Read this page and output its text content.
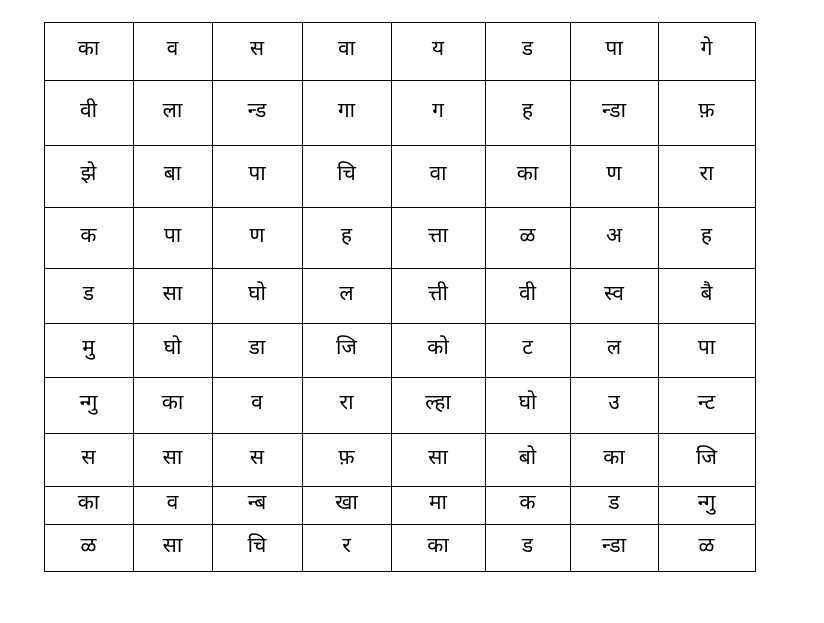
का	व	स	वा	य	ड	पा	गे
वी	ला	न्ड	गा	ग	ह	न्डा	फ़
झे	बा	पा	चि	वा	का	ण	रा
क	पा	ण	ह	त्ता	ळ	अ	ह
ड	सा	घो	ल	त्ती	वी	स्व	बै
मु	घो	डा	जि	को	ट	ल	पा
न्गु	का	व	रा	ल्हा	घो	उ	न्ट
स	सा	स	फ़	सा	बो	का	जि
का	व	न्ब	खा	मा	क	ड	न्गु
ळ	सा	चि	र	का	ड	न्डा	ळ
